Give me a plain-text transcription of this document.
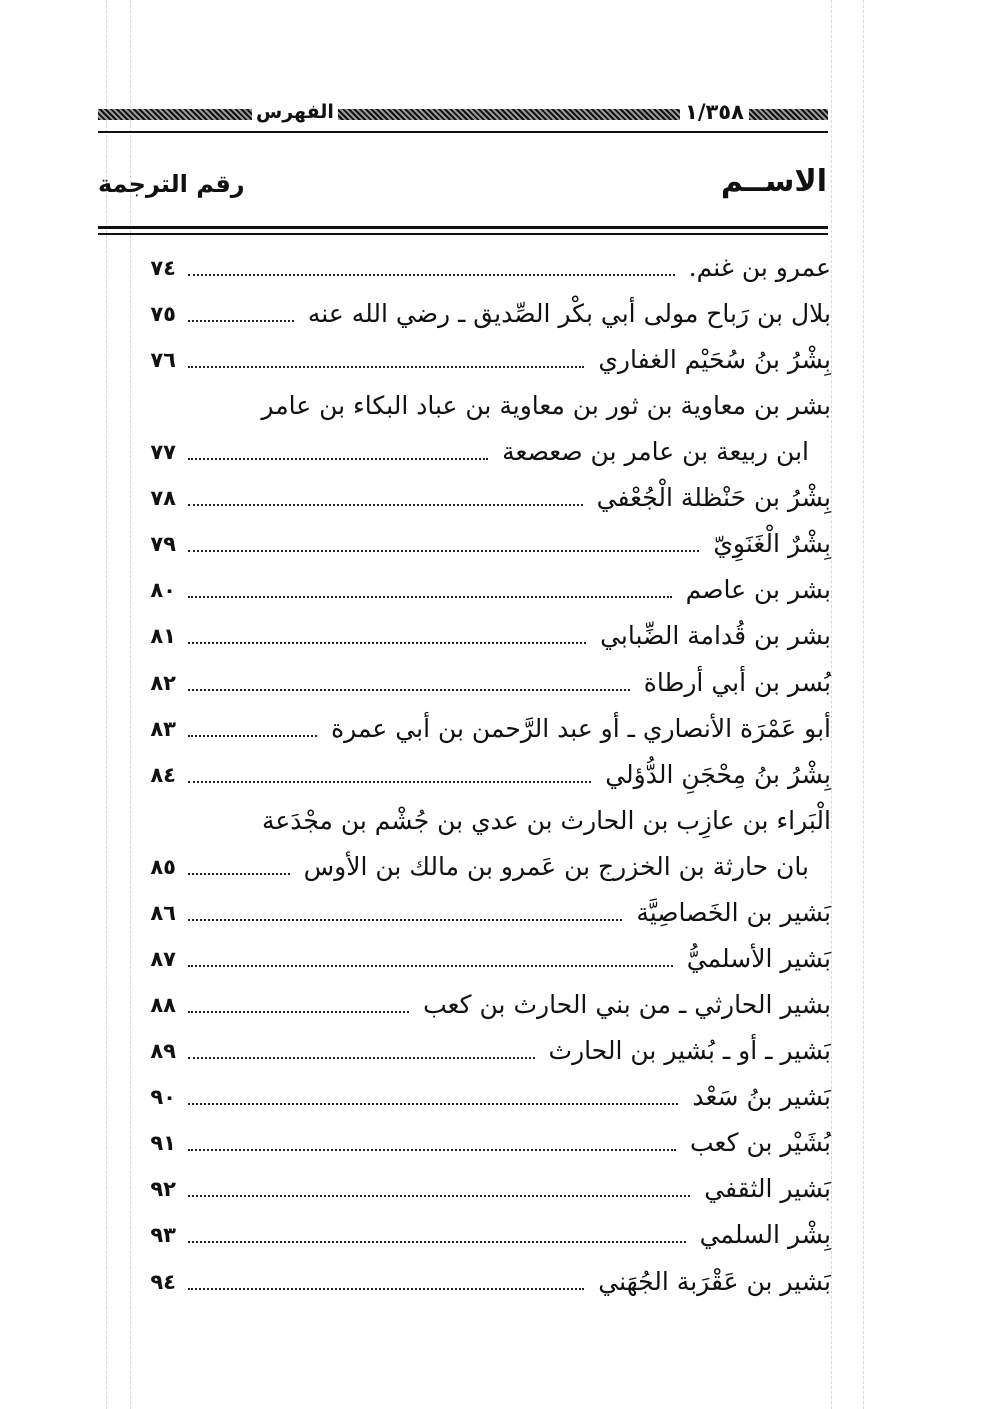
الفهرس	١/٣٥٨
الاســم
رقم الترجمة
عمرو بن غنم.
٧٤
بلال بن رَباح مولى أبي بكْر الصِّديق ـ رضي الله عنه
٧٥
بِشْرُ بنُ سُحَيْم الغفاري
٧٦
بشر بن معاوية بن ثور بن معاوية بن عباد البكاء بن عامر
ابن ربيعة بن عامر بن صعصعة
٧٧
بِشْرُ بن حَنْظلة الْجُعْفي
٧٨
بِشْرٌ الْغَنَوِيّ
٧٩
بشر بن عاصم
٨٠
بشر بن قُدامة الضِّبابي
٨١
بُسر بن أبي أرطاة
٨٢
أبو عَمْرَة الأنصاري ـ أو عبد الرَّحمن بن أبي عمرة
٨٣
بِشْرُ بنُ مِحْجَنِ الدُّؤلي
٨٤
الْبَراء بن عازِب بن الحارث بن عدي بن جُشْم بن مجْدَعة
بان حارثة بن الخزرج بن عَمرو بن مالك بن الأوس
٨٥
بَشير بن الخَصاصِيَّة
٨٦
بَشير الأسلميُّ
٨٧
بشير الحارثي ـ من بني الحارث بن كعب
٨٨
بَشير ـ أو ـ بُشير بن الحارث
٨٩
بَشير بنُ سَعْد
٩٠
بُشَيْر بن كعب
٩١
بَشير الثقفي
٩٢
بِشْر السلمي
٩٣
بَشير بن عَقْرَبة الجُهَني
٩٤
